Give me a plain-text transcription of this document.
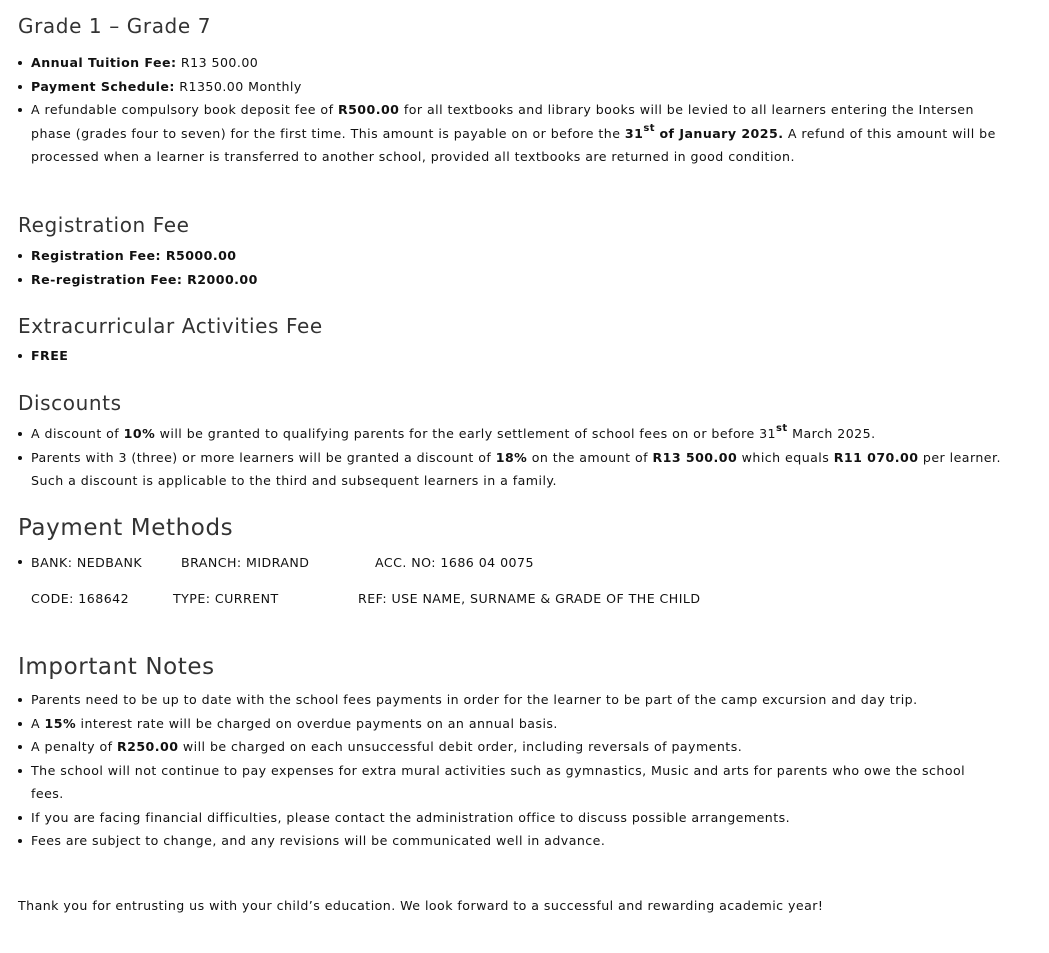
Grade 1 – Grade 7
Annual Tuition Fee: R13 500.00
Payment Schedule: R1350.00 Monthly
A refundable compulsory book deposit fee of R500.00 for all textbooks and library books will be levied to all learners entering the Intersen phase (grades four to seven) for the first time. This amount is payable on or before the 31st of January 2025. A refund of this amount will be processed when a learner is transferred to another school, provided all textbooks are returned in good condition.
Registration Fee
Registration Fee: R5000.00
Re-registration Fee: R2000.00
Extracurricular Activities Fee
FREE
Discounts
A discount of 10% will be granted to qualifying parents for the early settlement of school fees on or before 31st March 2025.
Parents with 3 (three) or more learners will be granted a discount of 18% on the amount of R13 500.00 which equals R11 070.00 per learner. Such a discount is applicable to the third and subsequent learners in a family.
Payment Methods
BANK: NEDBANK	BRANCH: MIDRAND	ACC. NO: 1686 04 0075
CODE: 168642	TYPE: CURRENT	REF: USE NAME, SURNAME & GRADE OF THE CHILD
Important Notes
Parents need to be up to date with the school fees payments in order for the learner to be part of the camp excursion and day trip.
A 15% interest rate will be charged on overdue payments on an annual basis.
A penalty of R250.00 will be charged on each unsuccessful debit order, including reversals of payments.
The school will not continue to pay expenses for extra mural activities such as gymnastics, Music and arts for parents who owe the school fees.
If you are facing financial difficulties, please contact the administration office to discuss possible arrangements.
Fees are subject to change, and any revisions will be communicated well in advance.

Thank you for entrusting us with your child’s education. We look forward to a successful and rewarding academic year!
